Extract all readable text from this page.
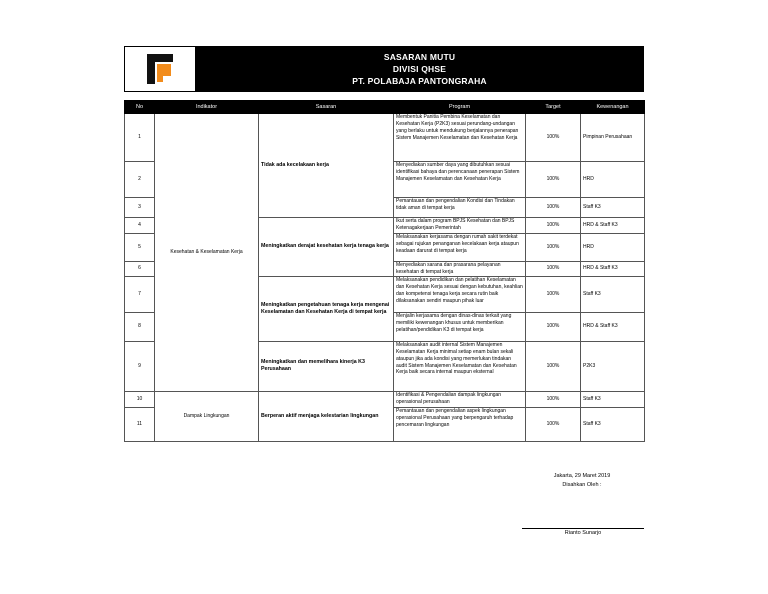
SASARAN MUTU
DIVISI QHSE
PT. POLABAJA PANTONGRAHA
No	Indikator	Sasaran	Program	Target	Kewenangan
1	Kesehatan & Keselamatan Kerja	Tidak ada kecelakaan kerja	Membentuk Panitia Pembina Keselamatan dan Kesehatan Kerja (P2K3) sesuai perundang-undangan yang berlaku untuk mendukung berjalannya penerapan Sistem Manajemen Keselamatan dan Kesehatan Kerja	100%	Pimpinan Perusahaan
2			Menyediakan sumber daya yang dibutuhkan sesuai identifikasi bahaya dan perencanaan penerapan Sistem Manajemen Keselamatan dan Kesehatan Kerja	100%	HRD
3			Pemantauan dan pengendalian Kondisi dan Tindakan tidak aman di tempat kerja	100%	Staff K3
4		Meningkatkan derajat kesehatan kerja tenaga kerja	Ikut serta dalam program BPJS Kesehatan dan BPJS Ketenagakerjaan Pemerintah	100%	HRD & Staff K3
5			Melaksanakan kerjasama dengan rumah sakit terdekat sebagai rujukan penanganan kecelakaan kerja ataupun keadaan darurat di tempat kerja	100%	HRD
6			Menyediakan sarana dan prasarana pelayanan kesehatan di tempat kerja	100%	HRD & Staff K3
7		Meningkatkan pengetahuan tenaga kerja mengenai Keselamatan dan Kesehatan Kerja di tempat kerja	Melaksanakan pendidikan dan pelatihan Keselamatan dan Kesehatan Kerja sesuai dengan kebutuhan, keahlian dan kompetensi tenaga kerja secara rutin baik dilaksanakan sendiri maupun pihak luar	100%	Staff K3
8			Menjalin kerjasama dengan dinas-dinas terkait yang memiliki kewenangan khusus untuk memberikan pelatihan/pendidikan K3 di tempat kerja	100%	HRD & Staff K3
9		Meningkatkan dan memelihara kinerja K3 Perusahaan	Melaksanakan audit internal Sistem Manajemen Keselamatan Kerja minimal setiap enam bulan sekali ataupun jika ada kondisi yang memerlukan tindakan audit Sistem Manajemen Keselamatan dan Kesehatan Kerja baik secara internal maupun eksternal	100%	P2K3
10	Dampak Lingkungan	Berperan aktif menjaga kelestarian lingkungan	Identifikasi & Pengendalian dampak lingkungan operasional perusahaan	100%	Staff K3
11			Pemantauan dan pengendalian aspek lingkungan operasional Perusahaan yang berpengaruh terhadap pencemaran lingkungan	100%	Staff K3
Jakarta, 29 Maret 2019
Disahkan Oleh :
Rianto Sunarjo
